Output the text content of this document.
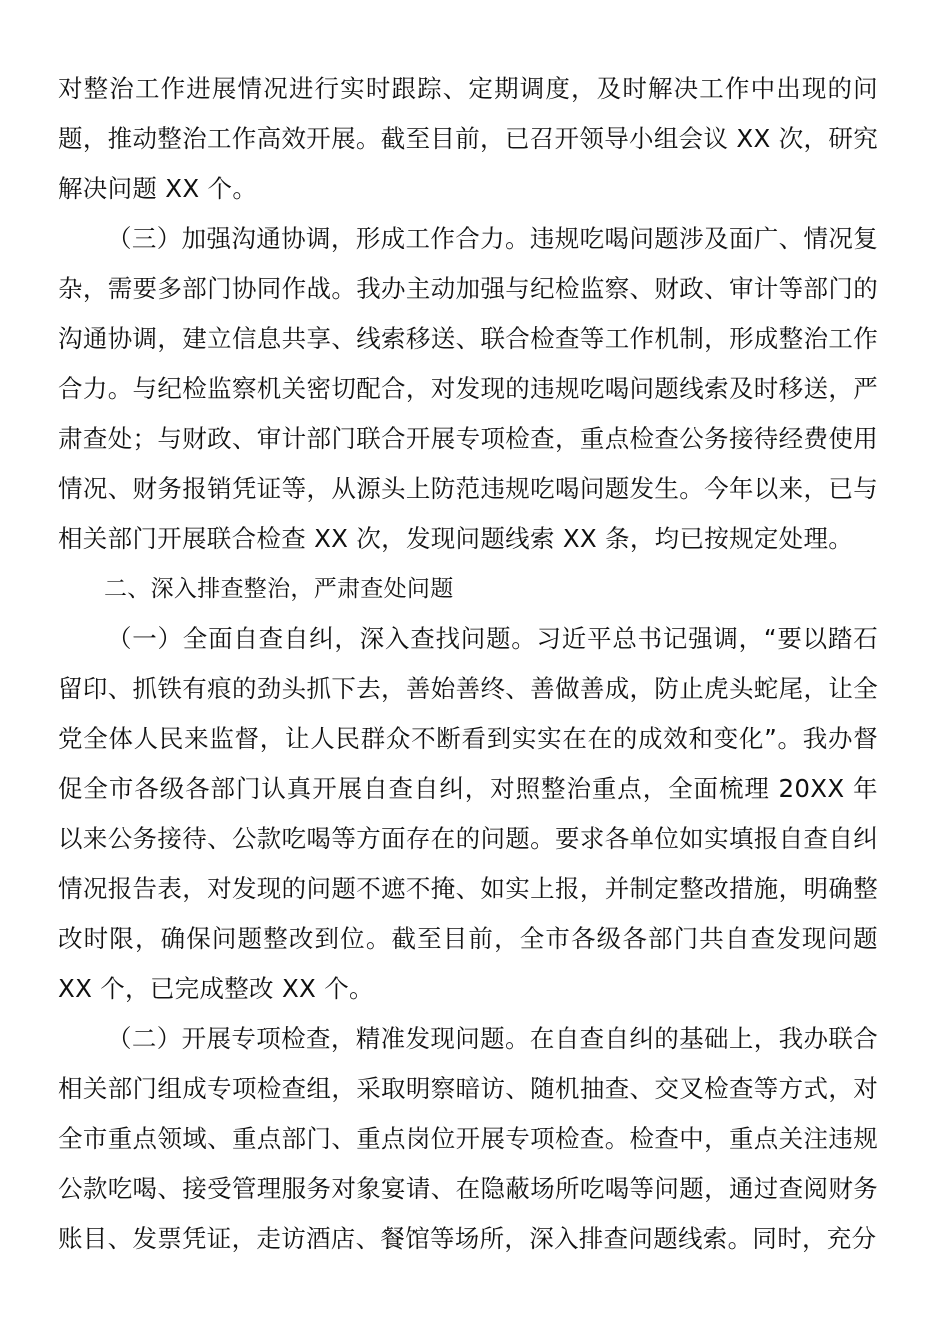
对整治工作进展情况进行实时跟踪、定期调度，及时解决工作中出现的问题，推动整治工作高效开展。截至目前，已召开领导小组会议 XX 次，研究解决问题 XX 个。

（三）加强沟通协调，形成工作合力。违规吃喝问题涉及面广、情况复杂，需要多部门协同作战。我办主动加强与纪检监察、财政、审计等部门的沟通协调，建立信息共享、线索移送、联合检查等工作机制，形成整治工作合力。与纪检监察机关密切配合，对发现的违规吃喝问题线索及时移送，严肃查处；与财政、审计部门联合开展专项检查，重点检查公务接待经费使用情况、财务报销凭证等，从源头上防范违规吃喝问题发生。今年以来，已与相关部门开展联合检查 XX 次，发现问题线索 XX 条，均已按规定处理。

二、深入排查整治，严肃查处问题

（一）全面自查自纠，深入查找问题。习近平总书记强调，“要以踏石留印、抓铁有痕的劲头抓下去，善始善终、善做善成，防止虎头蛇尾，让全党全体人民来监督，让人民群众不断看到实实在在的成效和变化”。我办督促全市各级各部门认真开展自查自纠，对照整治重点，全面梳理 20XX 年以来公务接待、公款吃喝等方面存在的问题。要求各单位如实填报自查自纠情况报告表，对发现的问题不遮不掩、如实上报，并制定整改措施，明确整改时限，确保问题整改到位。截至目前，全市各级各部门共自查发现问题 XX 个，已完成整改 XX 个。

（二）开展专项检查，精准发现问题。在自查自纠的基础上，我办联合相关部门组成专项检查组，采取明察暗访、随机抽查、交叉检查等方式，对全市重点领域、重点部门、重点岗位开展专项检查。检查中，重点关注违规公款吃喝、接受管理服务对象宴请、在隐蔽场所吃喝等问题，通过查阅财务账目、发票凭证，走访酒店、餐馆等场所，深入排查问题线索。同时，充分
